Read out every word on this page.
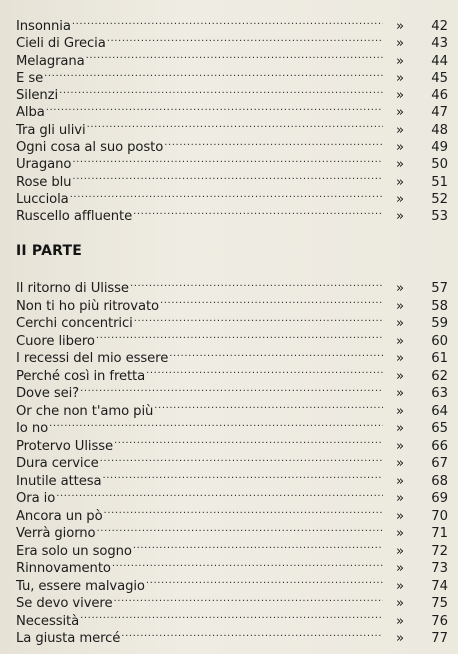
Insonnia .....	»	42
Cieli di Grecia .....	»	43
Melagrana .....	»	44
E se .....	»	45
Silenzi .....	»	46
Alba .....	»	47
Tra gli ulivi .....	»	48
Ogni cosa al suo posto .....	»	49
Uragano .....	»	50
Rose blu .....	»	51
Lucciola .....	»	52
Ruscello affluente .....	»	53
II PARTE
Il ritorno di Ulisse .....	»	57
Non ti ho più ritrovato .....	»	58
Cerchi concentrici .....	»	59
Cuore libero .....	»	60
I recessi del mio essere .....	»	61
Perché così in fretta .....	»	62
Dove sei? .....	»	63
Or che non t'amo più .....	»	64
Io no .....	»	65
Protervo Ulisse .....	»	66
Dura cervice .....	»	67
Inutile attesa .....	»	68
Ora io .....	»	69
Ancora un pò .....	»	70
Verrà giorno .....	»	71
Era solo un sogno .....	»	72
Rinnovamento .....	»	73
Tu, essere malvagio .....	»	74
Se devo vivere .....	»	75
Necessità .....	»	76
La giusta mercé .....	»	77
